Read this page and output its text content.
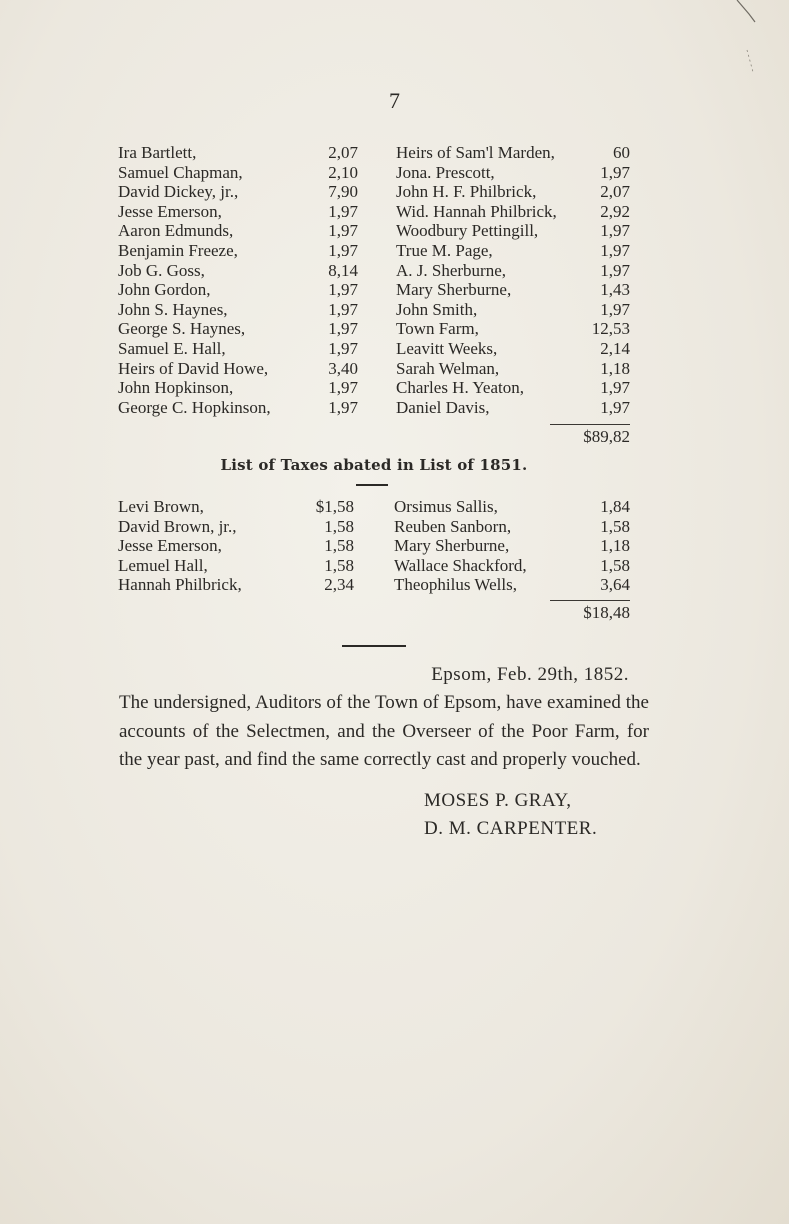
7
Ira Bartlett,	2,07
Samuel Chapman,	2,10
David Dickey, jr.,	7,90
Jesse Emerson,	1,97
Aaron Edmunds,	1,97
Benjamin Freeze,	1,97
Job G. Goss,	8,14
John Gordon,	1,97
John S. Haynes,	1,97
George S. Haynes,	1,97
Samuel E. Hall,	1,97
Heirs of David Howe,	3,40
John Hopkinson,	1,97
George C. Hopkinson,	1,97
Heirs of Sam'l Marden,	60
Jona. Prescott,	1,97
John H. F. Philbrick,	2,07
Wid. Hannah Philbrick,	2,92
Woodbury Pettingill,	1,97
True M. Page,	1,97
A. J. Sherburne,	1,97
Mary Sherburne,	1,43
John Smith,	1,97
Town Farm,	12,53
Leavitt Weeks,	2,14
Sarah Welman,	1,18
Charles H. Yeaton,	1,97
Daniel Davis,	1,97
$89,82
List of Taxes abated in List of 1851.
Levi Brown,	$1,58
David Brown, jr.,	1,58
Jesse Emerson,	1,58
Lemuel Hall,	1,58
Hannah Philbrick,	2,34
Orsimus Sallis,	1,84
Reuben Sanborn,	1,58
Mary Sherburne,	1,18
Wallace Shackford,	1,58
Theophilus Wells,	3,64
$18,48
Epsom, Feb. 29th, 1852.
The undersigned, Auditors of the Town of Epsom, have examined the accounts of the Selectmen, and the Overseer of the Poor Farm, for the year past, and find the same correctly cast and properly vouched.
MOSES P. GRAY,
D. M. CARPENTER.
